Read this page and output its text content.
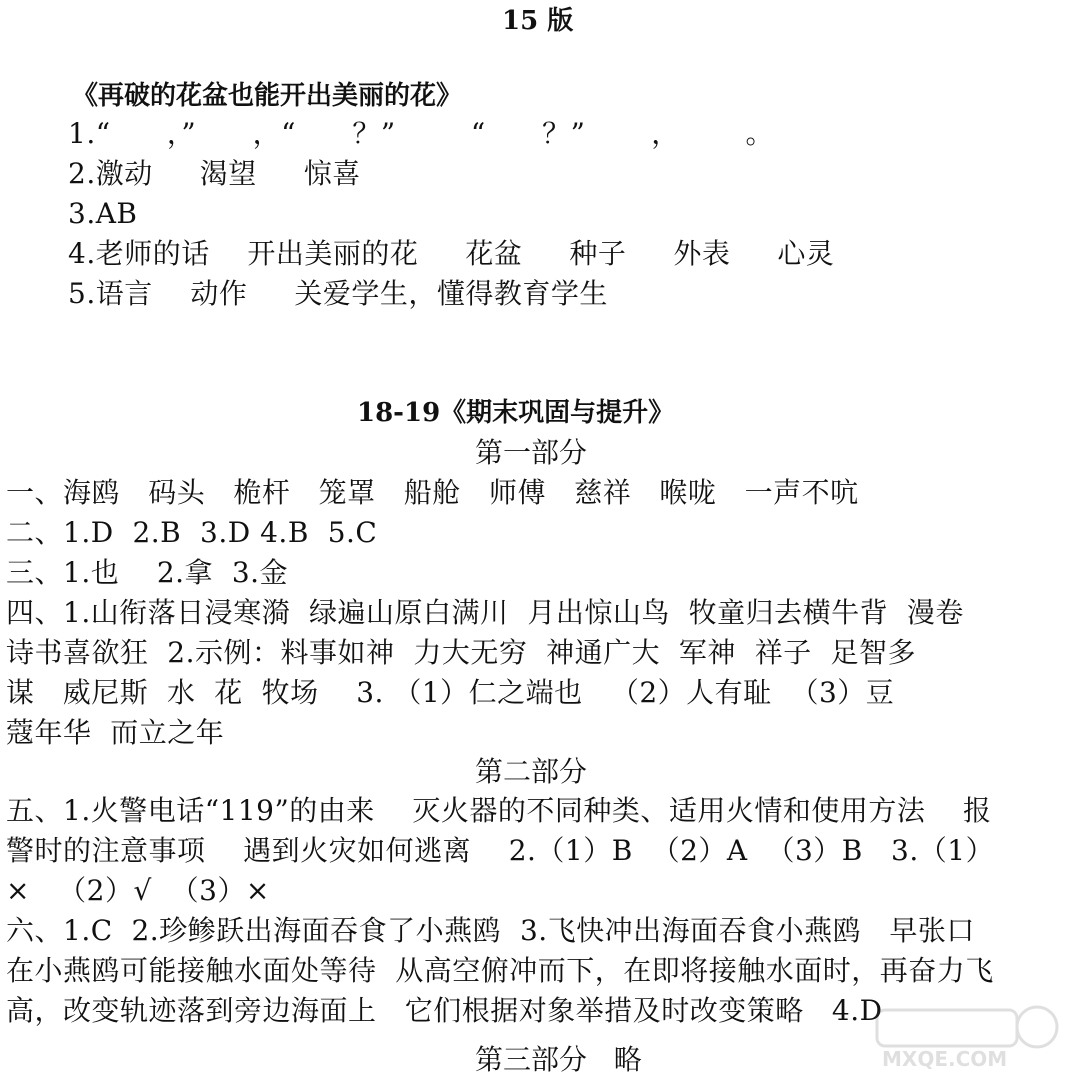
15 版
《再破的花盆也能开出美丽的花》
1.“      ，”      ，“      ？”        “      ？”       ，       。
2.激动     渴望     惊喜
3.AB
4.老师的话    开出美丽的花     花盆     种子     外表     心灵
5.语言    动作     关爱学生，懂得教育学生
18-19《期末巩固与提升》
第一部分
一、海鸥   码头   桅杆   笼罩   船舱   师傅   慈祥   喉咙   一声不吭
二、1.D  2.B  3.D 4.B  5.C
三、1.也    2.拿  3.金
四、1.山衔落日浸寒漪  绿遍山原白满川  月出惊山鸟  牧童归去横牛背  漫卷
诗书喜欲狂  2.示例：料事如神  力大无穷  神通广大  军神  祥子  足智多
谋   威尼斯  水  花  牧场    3. （1）仁之端也   （2）人有耻  （3）豆
蔻年华  而立之年
第二部分
五、1.火警电话“119”的由来    灭火器的不同种类、适用火情和使用方法    报
警时的注意事项    遇到火灾如何逃离    2.（1）B  （2）A  （3）B   3.（1）
×   （2）√  （3）×
六、1.C  2.珍鲹跃出海面吞食了小燕鸥  3.飞快冲出海面吞食小燕鸥   早张口
在小燕鸥可能接触水面处等待  从高空俯冲而下，在即将接触水面时，再奋力飞
高，改变轨迹落到旁边海面上   它们根据对象举措及时改变策略   4.D
第三部分   略	MXQE.COM
